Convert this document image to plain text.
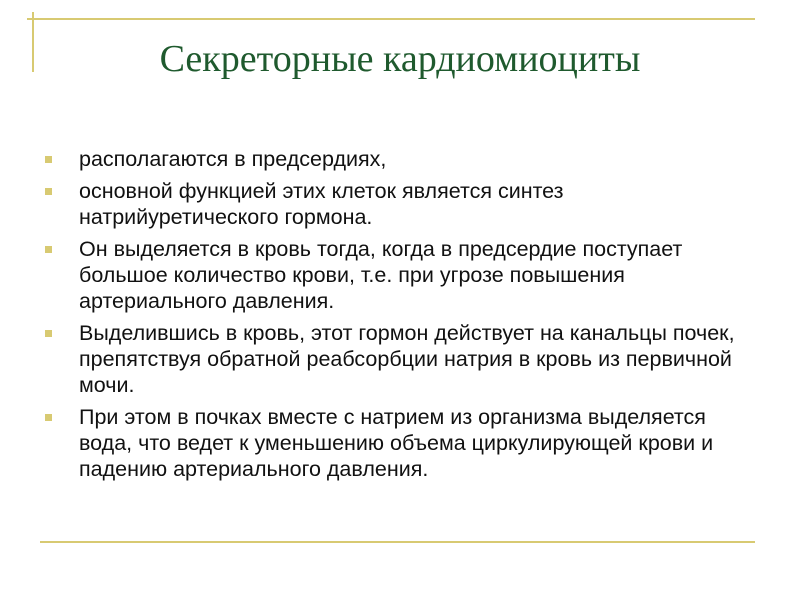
Секреторные кардиомиоциты
располагаются в предсердиях,
основной функцией этих клеток является синтез натрийуретического гормона.
Он выделяется в кровь тогда, когда в предсердие поступает большое количество крови, т.е. при угрозе повышения артериального давления.
Выделившись в кровь, этот гормон действует на канальцы почек, препятствуя обратной реабсорбции натрия в кровь из первичной мочи.
При этом в почках вместе с натрием из организма выделяется вода, что ведет к уменьшению объема циркулирующей крови и падению артериального давления.
